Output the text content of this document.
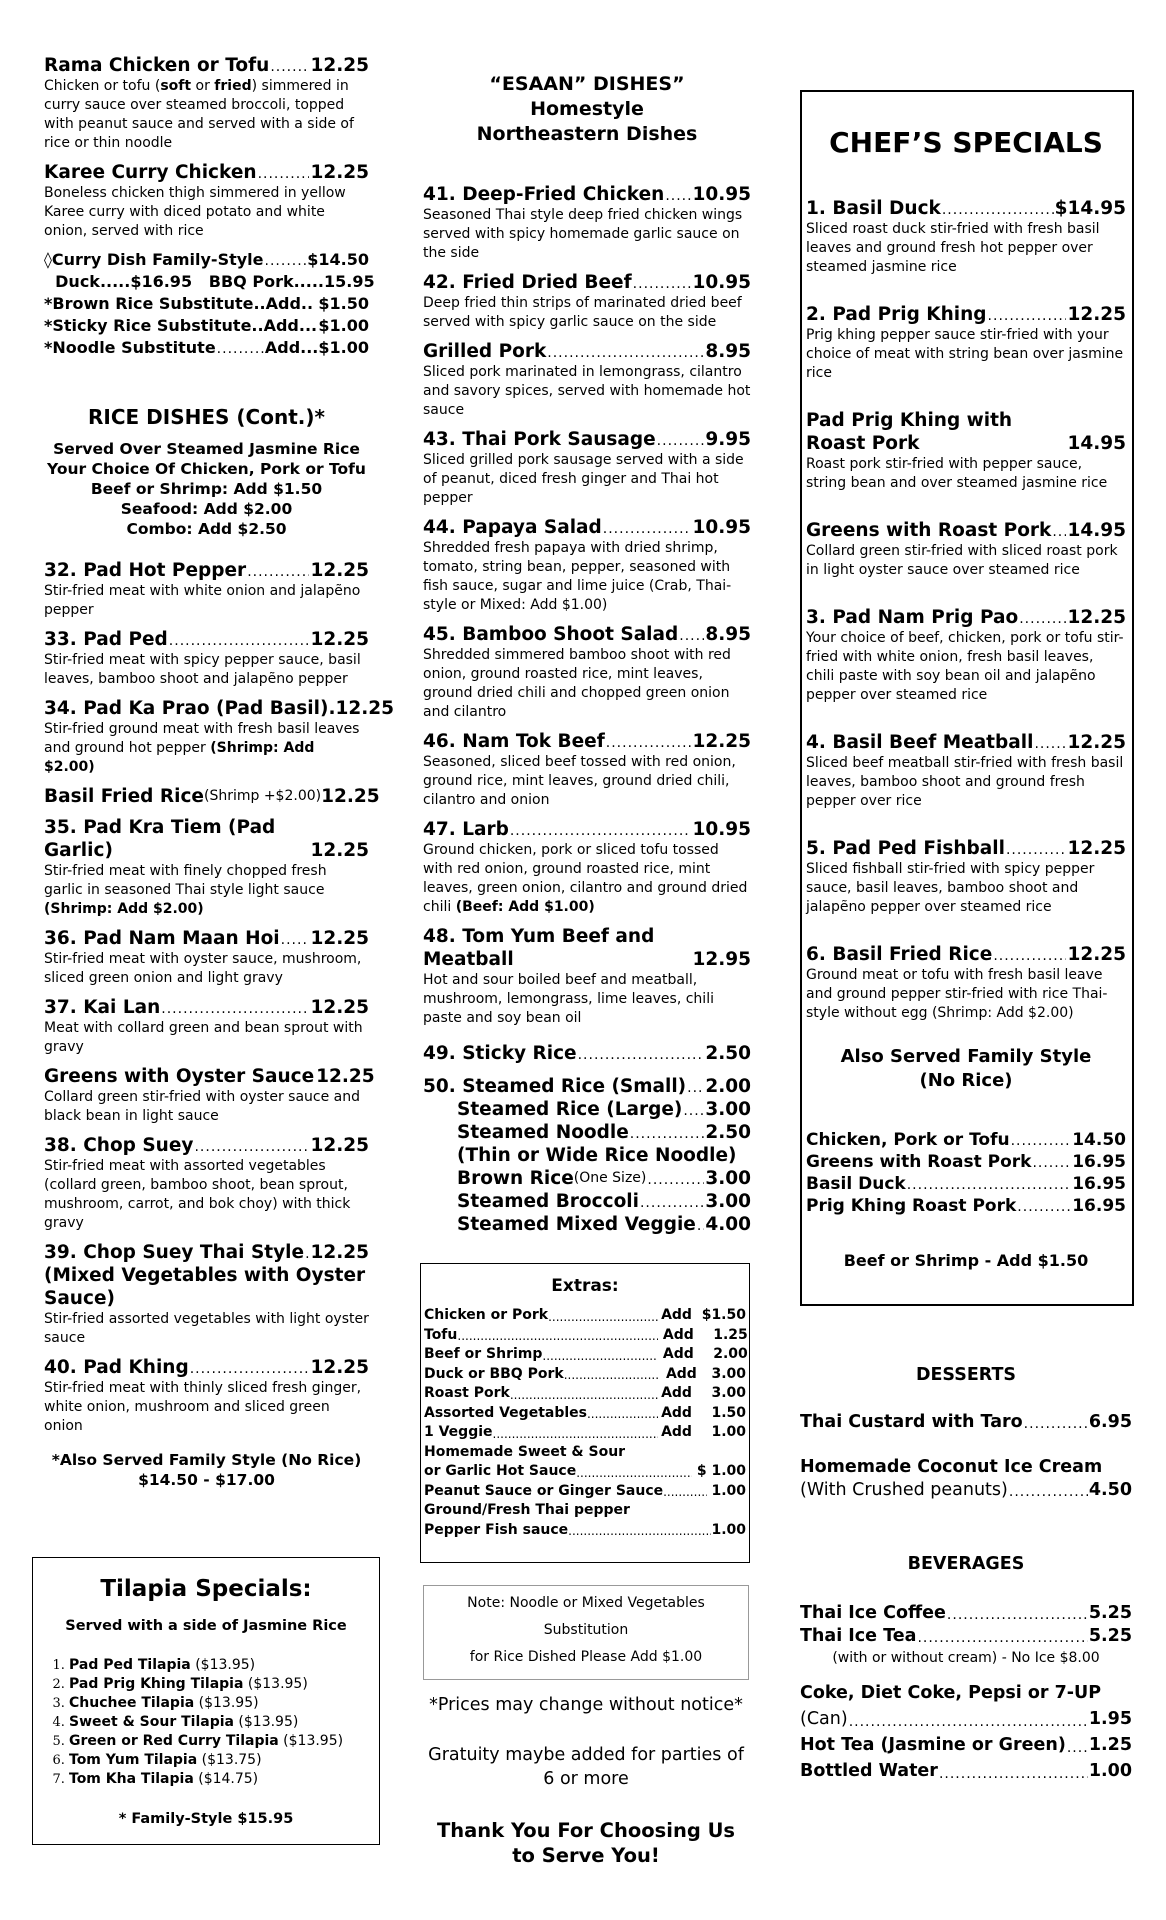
Rama Chicken or Tofu ..... 12.25
Chicken or tofu (soft or fried) simmered in curry sauce over steamed broccoli, topped with peanut sauce and served with a side of rice or thin noodle
Karee Curry Chicken .....	12.25
Boneless chicken thigh simmered in yellow Karee curry with diced potato and white onion, served with rice
◊Curry Dish Family-Style .....	$14.50
Duck.....$16.95   BBQ Pork.....15.95
*Brown Rice Substitute..Add.. $1.50
*Sticky Rice Substitute..Add... $1.00
*Noodle Substitute .....	Add...$1.00
RICE DISHES (Cont.)*
Served Over Steamed Jasmine Rice
Your Choice Of Chicken, Pork or Tofu
Beef or Shrimp: Add $1.50
Seafood: Add $2.00
Combo: Add $2.50
32. Pad Hot Pepper .....	12.25
Stir-fried meat with white onion and jalapẽno pepper
33. Pad Ped .....	12.25
Stir-fried meat with spicy pepper sauce, basil leaves, bamboo shoot and jalapẽno pepper
34. Pad Ka Prao (Pad Basil) .12.25
Stir-fried ground meat with fresh basil leaves and ground hot pepper (Shrimp: Add $2.00)
Basil Fried Rice (Shrimp +$2.00) 12.25
35. Pad Kra Tiem (Pad Garlic)	12.25
Stir-fried meat with finely chopped fresh garlic in seasoned Thai style light sauce (Shrimp: Add $2.00)
36. Pad Nam Maan Hoi ..... 12.25
Stir-fried meat with oyster sauce, mushroom, sliced green onion and light gravy
37. Kai Lan .....	12.25
Meat with collard green and bean sprout with gravy
Greens with Oyster Sauce 12.25
Collard green stir-fried with oyster sauce and black bean in light sauce
38. Chop Suey .....	12.25
Stir-fried meat with assorted vegetables (collard green, bamboo shoot, bean sprout, mushroom, carrot, and bok choy) with thick gravy
39. Chop Suey Thai Style ..... 12.25
(Mixed Vegetables with Oyster Sauce)
Stir-fried assorted vegetables with light oyster sauce
40. Pad Khing .....	12.25
Stir-fried meat with thinly sliced fresh ginger, white onion, mushroom and sliced green onion
*Also Served Family Style (No Rice)
$14.50 - $17.00
Tilapia Specials:
Served with a side of Jasmine Rice
1. Pad Ped Tilapia ($13.95)
2. Pad Prig Khing Tilapia ($13.95)
3. Chuchee Tilapia ($13.95)
4. Sweet & Sour Tilapia ($13.95)
5. Green or Red Curry Tilapia ($13.95)
6. Tom Yum Tilapia ($13.75)
7. Tom Kha Tilapia ($14.75)
* Family-Style $15.95
“ESAAN” DISHES”
Homestyle
Northeastern Dishes
41. Deep-Fried Chicken ..... 10.95
Seasoned Thai style deep fried chicken wings served with spicy homemade garlic sauce on the side
42. Fried Dried Beef .....	10.95
Deep fried thin strips of marinated dried beef served with spicy garlic sauce on the side
Grilled Pork .....	8.95
Sliced pork marinated in lemongrass, cilantro and savory spices, served with homemade hot sauce
43. Thai Pork Sausage .....	9.95
Sliced grilled pork sausage served with a side of peanut, diced fresh ginger and Thai hot pepper
44. Papaya Salad .....	10.95
Shredded fresh papaya with dried shrimp, tomato, string bean, pepper, seasoned with fish sauce, sugar and lime juice (Crab, Thai-style or Mixed: Add $1.00)
45. Bamboo Shoot Salad ..... 8.95
Shredded simmered bamboo shoot with red onion, ground roasted rice, mint leaves, ground dried chili and chopped green onion and cilantro
46. Nam Tok Beef .....	12.25
Seasoned, sliced beef tossed with red onion, ground rice, mint leaves, ground dried chili, cilantro and onion
47. Larb .....	10.95
Ground chicken, pork or sliced tofu tossed with red onion, ground roasted rice, mint leaves, green onion, cilantro and ground dried chili (Beef: Add $1.00)
48. Tom Yum Beef and Meatball	12.95
Hot and sour boiled beef and meatball, mushroom, lemongrass, lime leaves, chili paste and soy bean oil
49. Sticky Rice .....	2.50
50. Steamed Rice (Small) ..... 2.00
Steamed Rice (Large) ..... 3.00
Steamed Noodle .....	2.50
(Thin or Wide Rice Noodle)
Brown Rice (One Size) .....	3.00
Steamed Broccoli .....	3.00
Steamed Mixed Veggie ..... 4.00
Extras:
Chicken or Pork .....	Add  $1.50
Tofu .....	Add    1.25
Beef or Shrimp .....	Add    2.00
Duck or BBQ Pork .....	Add   3.00
Roast Pork .....	Add    3.00
Assorted Vegetables .....	Add    1.50
1 Veggie .....	Add    1.00
Homemade Sweet & Sour
or Garlic Hot Sauce .....	$ 1.00
Peanut Sauce or Ginger Sauce .....	1.00
Ground/Fresh Thai pepper
Pepper Fish sauce .....	1.00
Note: Noodle or Mixed Vegetables
Substitution
for Rice Dished Please Add $1.00
*Prices may change without notice*
Gratuity maybe added for parties of
6 or more
Thank You For Choosing Us
to Serve You!
CHEF’S SPECIALS
1. Basil Duck .....	$14.95
Sliced roast duck stir-fried with fresh basil leaves and ground fresh hot pepper over steamed jasmine rice
2. Pad Prig Khing .....	12.25
Prig khing pepper sauce stir-fried with your choice of meat with string bean over jasmine rice
Pad Prig Khing with Roast Pork	14.95
Roast pork stir-fried with pepper sauce, string bean and over steamed jasmine rice
Greens with Roast Pork ..... 14.95
Collard green stir-fried with sliced roast pork in light oyster sauce over steamed rice
3. Pad Nam Prig Pao .....	12.25
Your choice of beef, chicken, pork or tofu stir-fried with white onion, fresh basil leaves, chili paste with soy bean oil and jalapẽno pepper over steamed rice
4. Basil Beef Meatball ..... 12.25
Sliced beef meatball stir-fried with fresh basil leaves, bamboo shoot and ground fresh pepper over rice
5. Pad Ped Fishball .....	12.25
Sliced fishball stir-fried with spicy pepper sauce, basil leaves, bamboo shoot and jalapẽno pepper over steamed rice
6. Basil Fried Rice .....	12.25
Ground meat or tofu with fresh basil leave and ground pepper stir-fried with rice Thai-style without egg (Shrimp: Add $2.00)
Also Served Family Style
(No Rice)
Chicken, Pork or Tofu .....	14.50
Greens with Roast Pork ..... 16.95
Basil Duck .....	16.95
Prig Khing Roast Pork .....	16.95
Beef or Shrimp - Add $1.50
DESSERTS
Thai Custard with Taro .....	6.95
Homemade Coconut Ice Cream
(With Crushed peanuts) .....	4.50
BEVERAGES
Thai Ice Coffee .....	5.25
Thai Ice Tea .....	5.25
(with or without cream) - No Ice $8.00
Coke, Diet Coke, Pepsi or 7-UP
(Can) .....	1.95
Hot Tea (Jasmine or Green) ..... 1.25
Bottled Water .....	1.00
